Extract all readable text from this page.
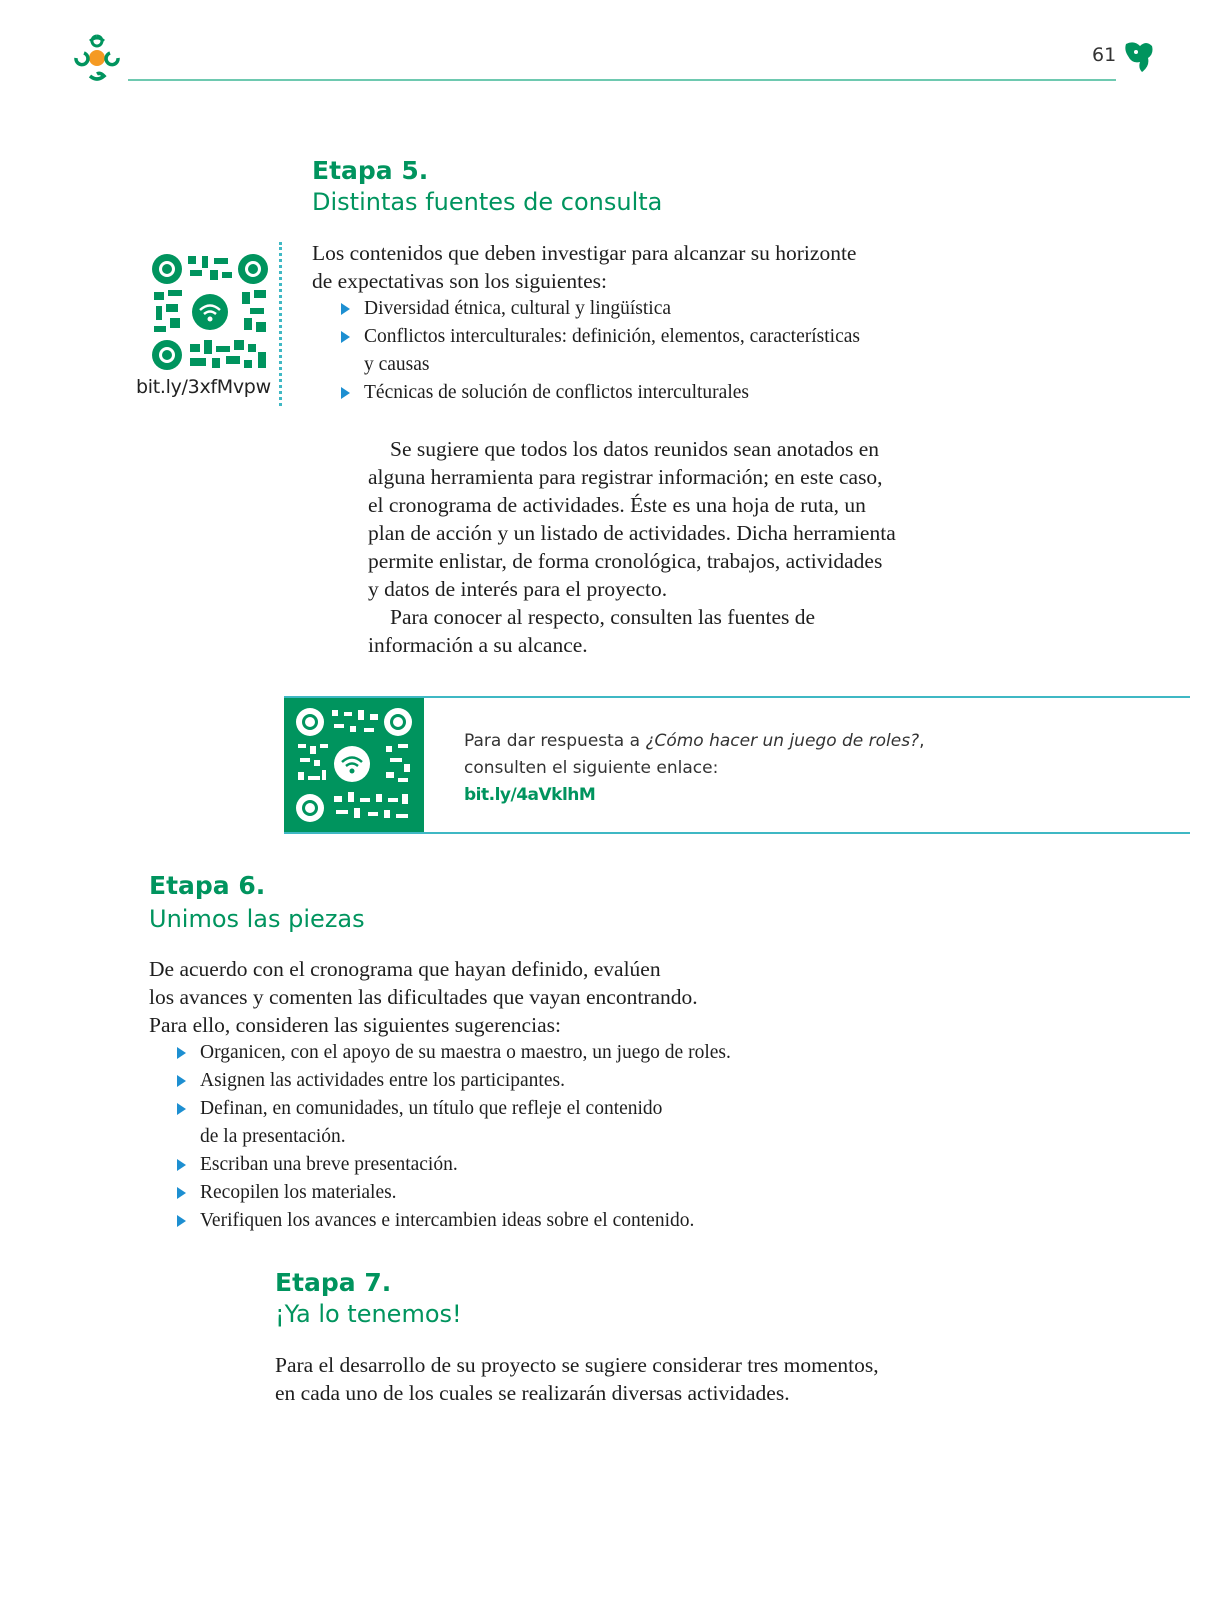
61
Etapa 5.
Distintas fuentes de consulta
bit.ly/3xfMvpw
Los contenidos que deben investigar para alcanzar su horizonte
de expectativas son los siguientes:
Diversidad étnica, cultural y lingüística
Conflictos interculturales: definición, elementos, características
y causas
Técnicas de solución de conflictos interculturales
Se sugiere que todos los datos reunidos sean anotados en
alguna herramienta para registrar información; en este caso,
el cronograma de actividades. Éste es una hoja de ruta, un
plan de acción y un listado de actividades. Dicha herramienta
permite enlistar, de forma cronológica, trabajos, actividades
y datos de interés para el proyecto.
Para conocer al respecto, consulten las fuentes de
información a su alcance.
Para dar respuesta a ¿Cómo hacer un juego de roles?,
consulten el siguiente enlace:
bit.ly/4aVklhM
Etapa 6.
Unimos las piezas
De acuerdo con el cronograma que hayan definido, evalúen
los avances y comenten las dificultades que vayan encontrando.
Para ello, consideren las siguientes sugerencias:
Organicen, con el apoyo de su maestra o maestro, un juego de roles.
Asignen las actividades entre los participantes.
Definan, en comunidades, un título que refleje el contenido
de la presentación.
Escriban una breve presentación.
Recopilen los materiales.
Verifiquen los avances e intercambien ideas sobre el contenido.
Etapa 7.
¡Ya lo tenemos!
Para el desarrollo de su proyecto se sugiere considerar tres momentos,
en cada uno de los cuales se realizarán diversas actividades.
